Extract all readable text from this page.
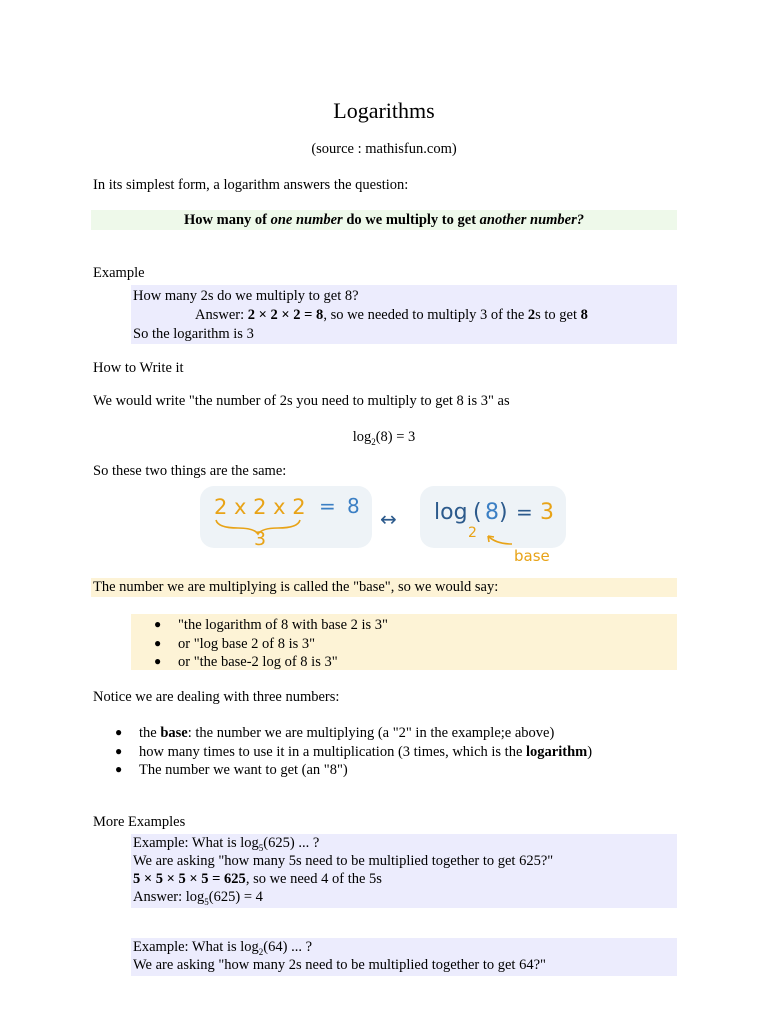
Logarithms
(source : mathisfun.com)
In its simplest form, a logarithm answers the question:
How many of one number do we multiply to get another number?
Example
How many 2s do we multiply to get 8?
Answer: 2 × 2 × 2 = 8, so we needed to multiply 3 of the 2s to get 8
So the logarithm is 3
How to Write it
We would write "the number of 2s you need to multiply to get 8 is 3" as
$\log_2(8) = 3$
So these two things are the same:
2 x 2 x 2 = 8
3
↔ log
2
( 8 ) = 3
base
The number we are multiplying is called the "base", so we would say:
● "the logarithm of 8 with base 2 is 3"
● or "log base 2 of 8 is 3"
● or "the base-2 log of 8 is 3"
Notice we are dealing with three numbers:
● the base: the number we are multiplying (a "2" in the example;e above)
● how many times to use it in a multiplication (3 times, which is the logarithm)
● The number we want to get (an "8")
More Examples
Example: What is $\log_5(625)$ ... ?
We are asking "how many 5s need to be multiplied together to get 625?"
5 × 5 × 5 × 5 = 625, so we need 4 of the 5s
Answer: $\log_5(625) = 4$
Example: What is $\log_2(64)$ ... ?
We are asking "how many 2s need to be multiplied together to get 64?"
